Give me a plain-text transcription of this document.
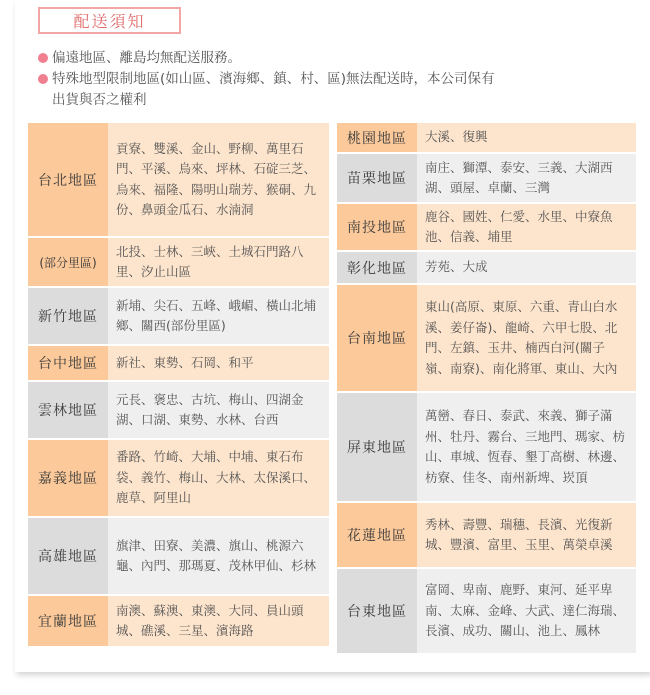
配送須知
偏遠地區、離島均無配送服務。
特殊地型限制地區(如山區、濱海鄉、鎮、村、區)無法配送時，本公司保有
出貨與否之權利
台北地區
貢寮、雙溪、金山、野柳、萬里石門、平溪、烏來、坪林、石碇三芝、烏來、福隆、陽明山瑞芳、猴硐、九份、鼻頭金瓜石、水湳洞
(部分里區)
北投、士林、三峽、土城石門路八里、汐止山區
新竹地區
新埔、尖石、五峰、峨嵋、橫山北埔鄉、關西(部份里區)
台中地區	新社、東勢、石岡、和平
雲林地區
元長、褒忠、古坑、梅山、四湖金湖、口湖、東勢、水林、台西
嘉義地區
番路、竹崎、大埔、中埔、東石布袋、義竹、梅山、大林、太保溪口、鹿草、阿里山
高雄地區
旗津、田寮、美濃、旗山、桃源六龜、內門、那瑪夏、茂林甲仙、杉林
宜蘭地區
南澳、蘇澳、東澳、大同、員山頭城、礁溪、三星、濱海路
桃園地區	大溪、復興
苗栗地區
南庄、獅潭、泰安、三義、大湖西湖、頭屋、卓蘭、三灣
南投地區
鹿谷、國姓、仁愛、水里、中寮魚池、信義、埔里
彰化地區	芳苑、大成
台南地區
東山(高原、東原、六重、青山白水溪、姜仔崙)、龍崎、六甲七股、北門、左鎮、玉井、楠西白河(關子嶺、南寮)、南化將軍、東山、大內
屏東地區
萬巒、春日、泰武、來義、獅子滿州、牡丹、霧台、三地門、瑪家、枋山、車城、恆春、墾丁高樹、林邊、枋寮、佳冬、南州新埤、崁頂
花蓮地區
秀林、壽豐、瑞穗、長濱、光復新城、豐濱、富里、玉里、萬榮卓溪
台東地區
富岡、卑南、鹿野、東河、延平卑南、太麻、金峰、大武、達仁海瑞、長濱、成功、關山、池上、鳳林
